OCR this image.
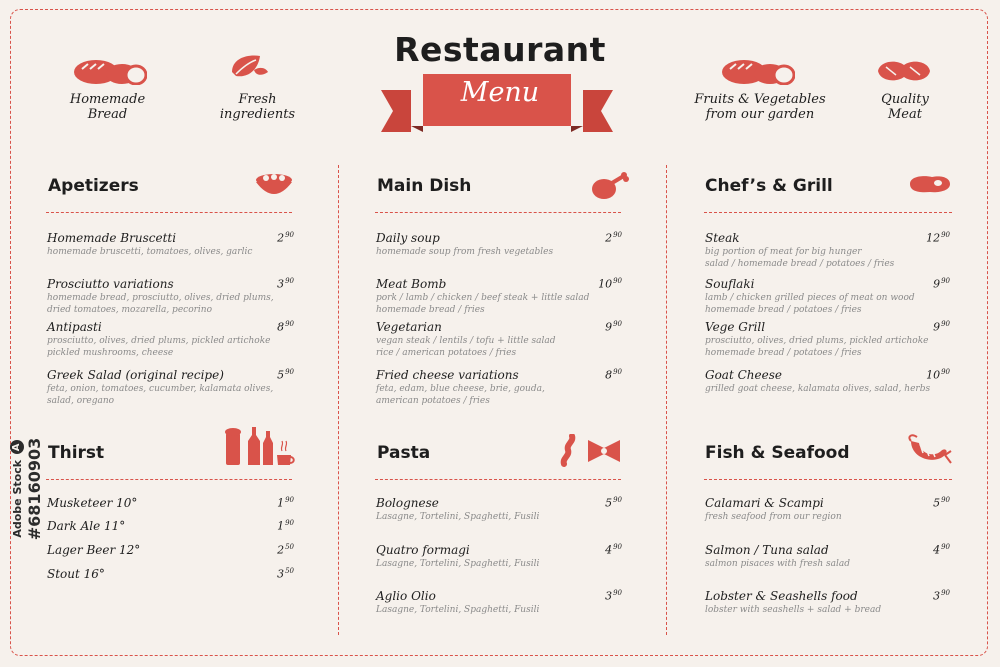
Homemade
Bread
Fresh
ingredients
Restaurant
Menu	Fruits & Vegetables
from our garden
Quality
Meat
Apetizers
Homemade Bruscetti
homemade bruscetti, tomatoes, olives, garlic
$2^{90}$
Prosciutto variations
homemade bread, prosciutto, olives, dried plums,
dried tomatoes, mozarella, pecorino
$3^{90}$
Antipasti
prosciutto, olives, dried plums, pickled artichoke
pickled mushrooms, cheese
$8^{90}$
Greek Salad (original recipe)
feta, onion, tomatoes, cucumber, kalamata olives,
salad, oregano
$5^{90}$
Main Dish
Daily soup
homemade soup from fresh vegetables
$2^{90}$
Meat Bomb
pork / lamb / chicken / beef steak + little salad
homemade bread / fries
$10^{90}$
Vegetarian
vegan steak / lentils / tofu + little salad
rice / american potatoes / fries
$9^{90}$
Fried cheese variations
feta, edam, blue cheese, brie, gouda,
american potatoes / fries
$8^{90}$
Chef’s & Grill
Steak
big portion of meat for big hunger
salad / homemade bread / potatoes / fries
$12^{90}$
Souflaki
lamb / chicken grilled pieces of meat on wood
homemade bread / potatoes / fries
$9^{90}$
Vege Grill
prosciutto, olives, dried plums, pickled artichoke
homemade bread / potatoes / fries
$9^{90}$
Goat Cheese
grilled goat cheese, kalamata olives, salad, herbs
$10^{90}$
Thirst
Musketeer 10°	$1^{90}$
Dark Ale 11°	$1^{90}$
Lager Beer 12°	$2^{50}$
Stout 16°	$3^{50}$
Pasta
Bolognese
Lasagne, Tortelini, Spaghetti, Fusili
$5^{90}$
Quatro formagi
Lasagne, Tortelini, Spaghetti, Fusili
$4^{90}$
Aglio Olio
Lasagne, Tortelini, Spaghetti, Fusili
$3^{90}$
Fish & Seafood
Calamari & Scampi
fresh seafood from our region
$5^{90}$
Salmon / Tuna salad
salmon pisaces with fresh salad
$4^{90}$
Lobster & Seashells food
lobster with seashells + salad + bread
$3^{90}$
Adobe Stock A #68160903
